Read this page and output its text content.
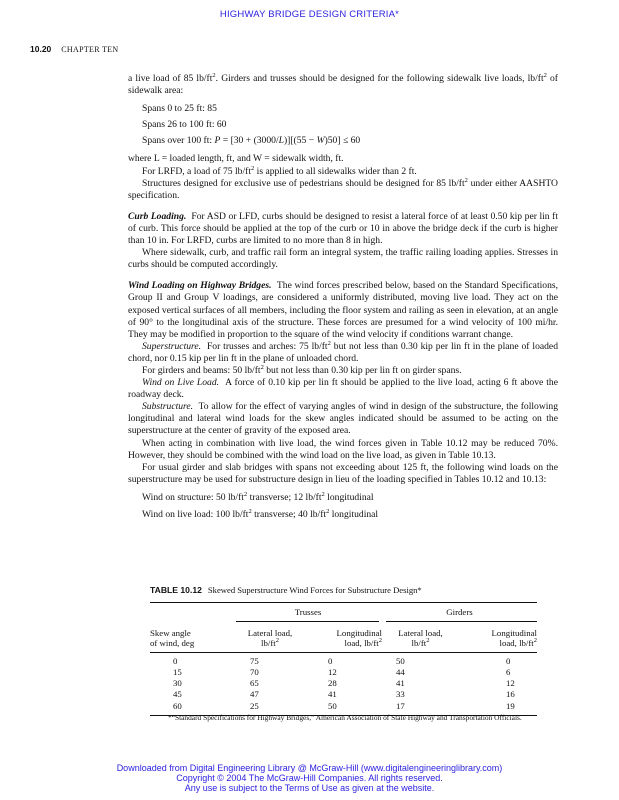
HIGHWAY BRIDGE DESIGN CRITERIA*
10.20 CHAPTER TEN

a live load of 85 $lb/ft^2$. Girders and trusses should be designed for the following sidewalk live loads, $lb/ft^2$ of sidewalk area:

Spans 0 to 25 ft: 85

Spans 26 to 100 ft: 60

Spans over 100 ft: P = [30 + (3000/L)][(55 − W)50] ≤ 60

where L = loaded length, ft, and W = sidewalk width, ft.

For LRFD, a load of 75 $lb/ft^2$ is applied to all sidewalks wider than 2 ft.

Structures designed for exclusive use of pedestrians should be designed for 85 $lb/ft^2$ under either AASHTO specification.

Curb Loading. For ASD or LFD, curbs should be designed to resist a lateral force of at least 0.50 kip per lin ft of curb. This force should be applied at the top of the curb or 10 in above the bridge deck if the curb is higher than 10 in. For LRFD, curbs are limited to no more than 8 in high.

Where sidewalk, curb, and traffic rail form an integral system, the traffic railing loading applies. Stresses in curbs should be computed accordingly.

Wind Loading on Highway Bridges. The wind forces prescribed below, based on the Standard Specifications, Group II and Group V loadings, are considered a uniformly distributed, moving live load. They act on the exposed vertical surfaces of all members, including the floor system and railing as seen in elevation, at an angle of 90° to the longitudinal axis of the structure. These forces are presumed for a wind velocity of 100 mi/hr. They may be modified in proportion to the square of the wind velocity if conditions warrant change.

Superstructure. For trusses and arches: 75 $lb/ft^2$ but not less than 0.30 kip per lin ft in the plane of loaded chord, nor 0.15 kip per lin ft in the plane of unloaded chord.

For girders and beams: 50 $lb/ft^2$ but not less than 0.30 kip per lin ft on girder spans.

Wind on Live Load. A force of 0.10 kip per lin ft should be applied to the live load, acting 6 ft above the roadway deck.

Substructure. To allow for the effect of varying angles of wind in design of the substructure, the following longitudinal and lateral wind loads for the skew angles indicated should be assumed to be acting on the superstructure at the center of gravity of the exposed area.

When acting in combination with live load, the wind forces given in Table 10.12 may be reduced 70%. However, they should be combined with the wind load on the live load, as given in Table 10.13.

For usual girder and slab bridges with spans not exceeding about 125 ft, the following wind loads on the superstructure may be used for substructure design in lieu of the loading specified in Tables 10.12 and 10.13:

Wind on structure: 50 $lb/ft^2$ transverse; 12 $lb/ft^2$ longitudinal

Wind on live load: 100 $lb/ft^2$ transverse; 40 $lb/ft^2$ longitudinal

TABLE 10.12 Skewed Superstructure Wind Forces for Substructure Design*
Trusses	Girders
Skew angle	Lateral load,	Longitudinal	Lateral load,	Longitudinal
of wind, deg	$lb/ft^2$	load, $lb/ft^2$	$lb/ft^2$	load, $lb/ft^2$
0	75	0	50	0
15	70	12	44	6
30	65	28	41	12
45	47	41	33	16
60	25	50	17	19
*“Standard Specifications for Highway Bridges,” American Association of State Highway and Transportation Officials.
Downloaded from Digital Engineering Library @ McGraw-Hill (www.digitalengineeringlibrary.com)
Copyright © 2004 The McGraw-Hill Companies. All rights reserved.
Any use is subject to the Terms of Use as given at the website.
